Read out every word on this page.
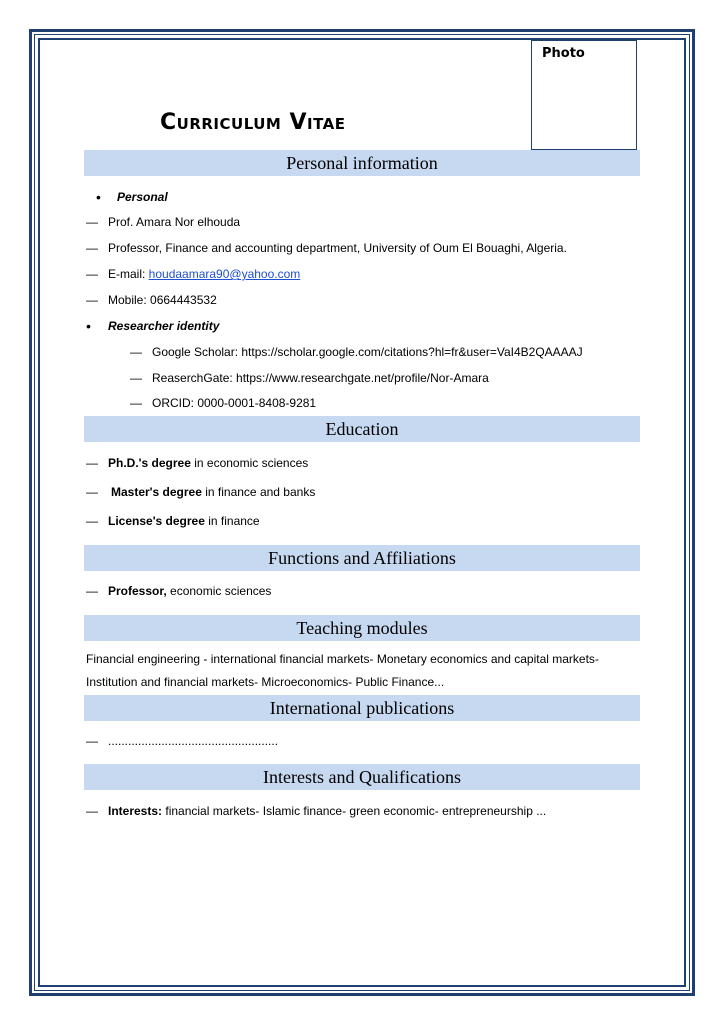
Photo
Curriculum Vitae
Personal information
• Personal
— Prof. Amara Nor elhouda
— Professor, Finance and accounting department, University of Oum El Bouaghi, Algeria.
— E-mail: houdaamara90@yahoo.com
— Mobile: 0664443532
• Researcher identity
— Google Scholar: https://scholar.google.com/citations?hl=fr&user=VaI4B2QAAAAJ
— ReaserchGate: https://www.researchgate.net/profile/Nor-Amara
— ORCID: 0000-0001-8408-9281
Education
— Ph.D.'s degree in economic sciences
— Master's degree in finance and banks
— License's degree in finance
Functions and Affiliations
— Professor, economic sciences
Teaching modules
Financial engineering - international financial markets- Monetary economics and capital markets-
Institution and financial markets- Microeconomics- Public Finance...
International publications
— ...................................................
Interests and Qualifications
— Interests: financial markets- Islamic finance- green economic- entrepreneurship ...
